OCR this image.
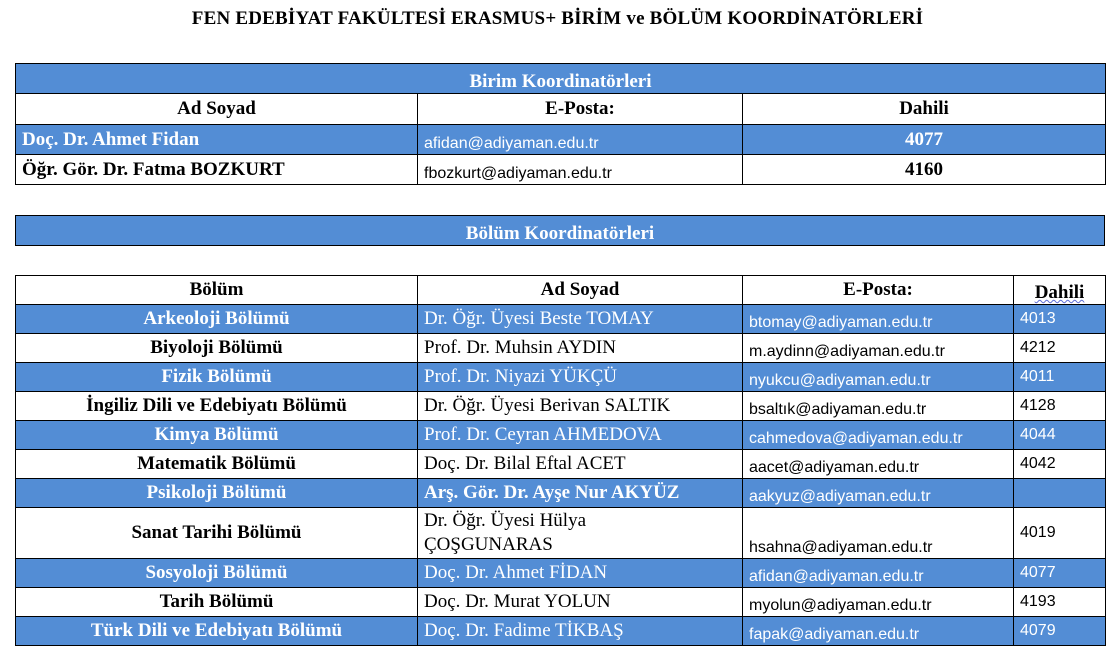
FEN EDEBİYAT FAKÜLTESİ ERASMUS+ BİRİM ve BÖLÜM KOORDİNATÖRLERİ
Birim Koordinatörleri		
Ad Soyad	E-Posta:	Dahili
Doç. Dr. Ahmet Fidan	afidan@adiyaman.edu.tr	4077
Öğr. Gör. Dr. Fatma BOZKURT	fbozkurt@adiyaman.edu.tr	4160
Bölüm Koordinatörleri
Bölüm	Ad Soyad	E-Posta:	Dahili
Arkeoloji Bölümü	Dr. Öğr. Üyesi Beste TOMAY	btomay@adiyaman.edu.tr	4013
Biyoloji Bölümü	Prof. Dr. Muhsin AYDIN	m.aydinn@adiyaman.edu.tr	4212
Fizik Bölümü	Prof. Dr. Niyazi YÜKÇÜ	nyukcu@adiyaman.edu.tr	4011
İngiliz Dili ve Edebiyatı Bölümü	Dr. Öğr. Üyesi Berivan SALTIK	bsaltık@adiyaman.edu.tr	4128
Kimya Bölümü	Prof. Dr. Ceyran AHMEDOVA	cahmedova@adiyaman.edu.tr	4044
Matematik Bölümü	Doç. Dr. Bilal Eftal ACET	aacet@adiyaman.edu.tr	4042
Psikoloji Bölümü	Arş. Gör. Dr. Ayşe Nur AKYÜZ	aakyuz@adiyaman.edu.tr	
Sanat Tarihi Bölümü	Dr. Öğr. Üyesi Hülya ÇOŞGUNARAS	hsahna@adiyaman.edu.tr	4019
Sosyoloji Bölümü	Doç. Dr. Ahmet FİDAN	afidan@adiyaman.edu.tr	4077
Tarih Bölümü	Doç. Dr. Murat YOLUN	myolun@adiyaman.edu.tr	4193
Türk Dili ve Edebiyatı Bölümü	Doç. Dr. Fadime TİKBAŞ	fapak@adiyaman.edu.tr	4079
